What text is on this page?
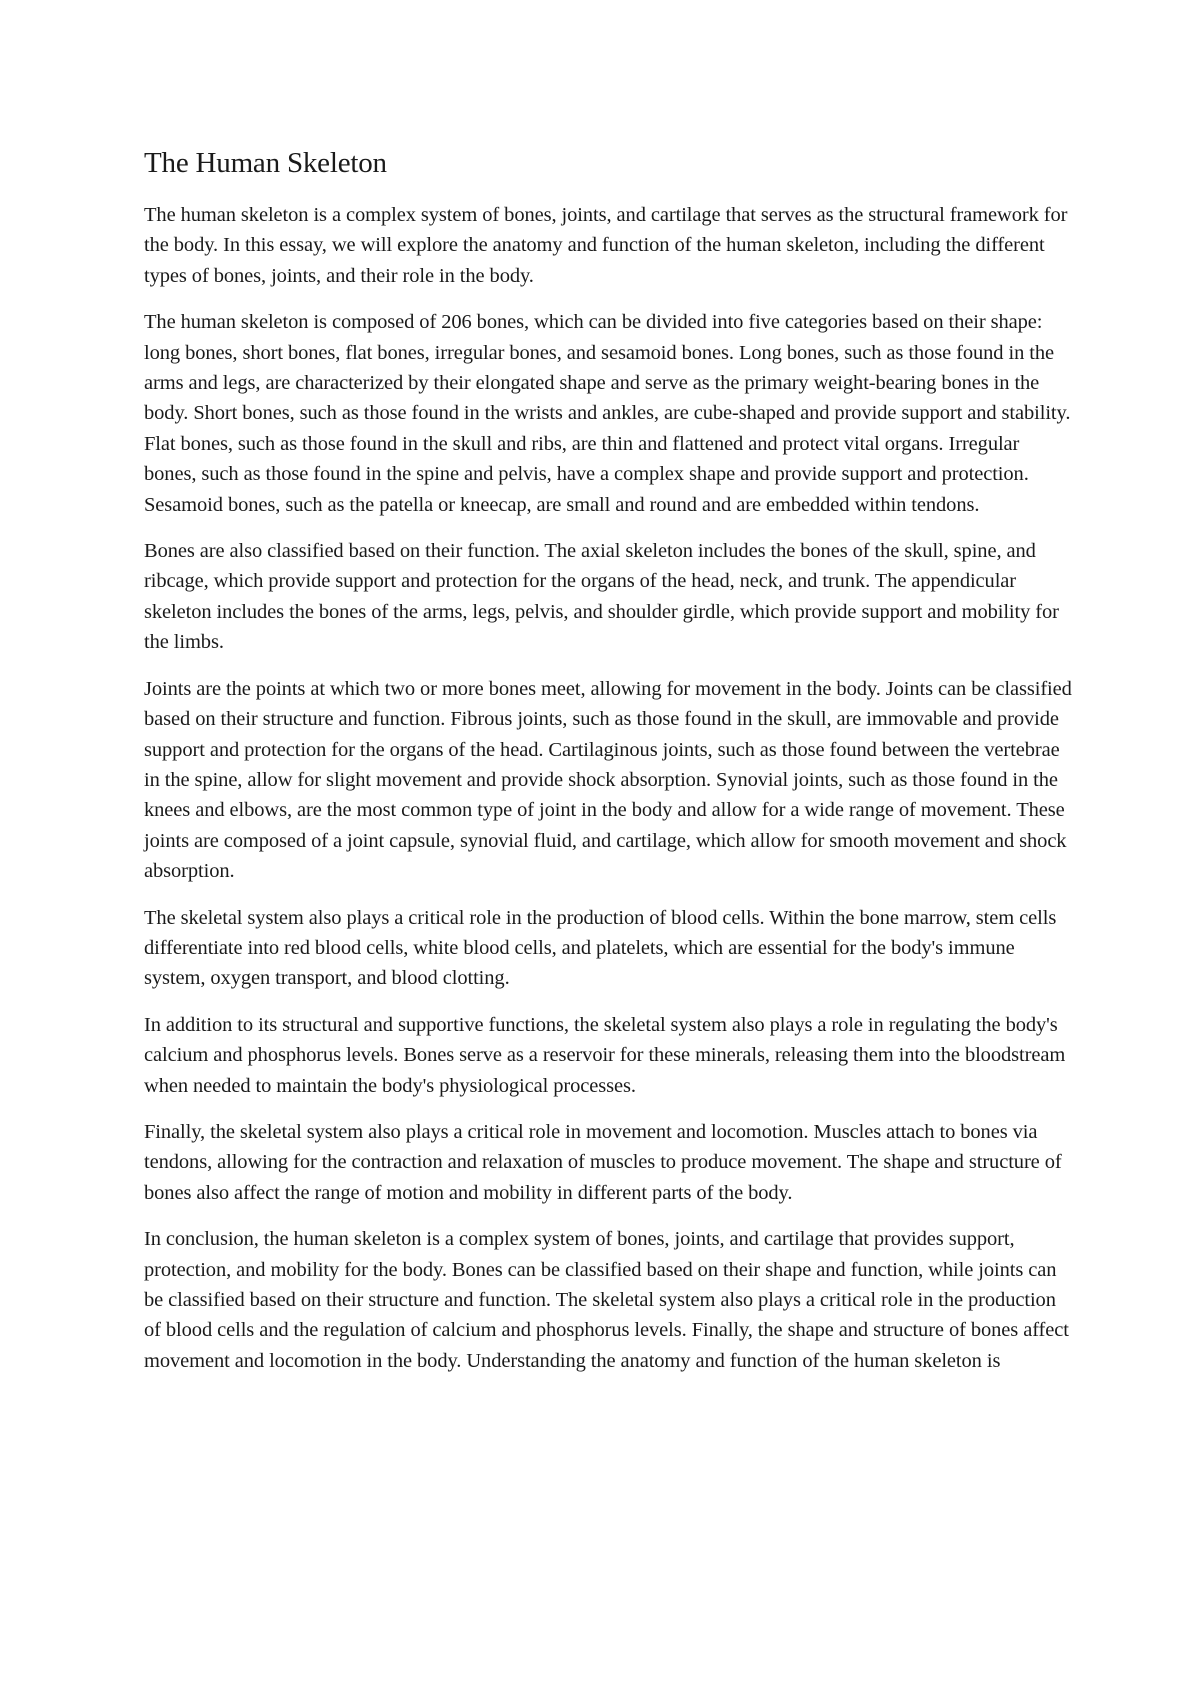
The Human Skeleton

The human skeleton is a complex system of bones, joints, and cartilage that serves as the structural framework for the body. In this essay, we will explore the anatomy and function of the human skeleton, including the different types of bones, joints, and their role in the body.

The human skeleton is composed of 206 bones, which can be divided into five categories based on their shape: long bones, short bones, flat bones, irregular bones, and sesamoid bones. Long bones, such as those found in the arms and legs, are characterized by their elongated shape and serve as the primary weight-bearing bones in the body. Short bones, such as those found in the wrists and ankles, are cube-shaped and provide support and stability. Flat bones, such as those found in the skull and ribs, are thin and flattened and protect vital organs. Irregular bones, such as those found in the spine and pelvis, have a complex shape and provide support and protection. Sesamoid bones, such as the patella or kneecap, are small and round and are embedded within tendons.

Bones are also classified based on their function. The axial skeleton includes the bones of the skull, spine, and ribcage, which provide support and protection for the organs of the head, neck, and trunk. The appendicular skeleton includes the bones of the arms, legs, pelvis, and shoulder girdle, which provide support and mobility for the limbs.

Joints are the points at which two or more bones meet, allowing for movement in the body. Joints can be classified based on their structure and function. Fibrous joints, such as those found in the skull, are immovable and provide support and protection for the organs of the head. Cartilaginous joints, such as those found between the vertebrae in the spine, allow for slight movement and provide shock absorption. Synovial joints, such as those found in the knees and elbows, are the most common type of joint in the body and allow for a wide range of movement. These joints are composed of a joint capsule, synovial fluid, and cartilage, which allow for smooth movement and shock absorption.

The skeletal system also plays a critical role in the production of blood cells. Within the bone marrow, stem cells differentiate into red blood cells, white blood cells, and platelets, which are essential for the body's immune system, oxygen transport, and blood clotting.

In addition to its structural and supportive functions, the skeletal system also plays a role in regulating the body's calcium and phosphorus levels. Bones serve as a reservoir for these minerals, releasing them into the bloodstream when needed to maintain the body's physiological processes.

Finally, the skeletal system also plays a critical role in movement and locomotion. Muscles attach to bones via tendons, allowing for the contraction and relaxation of muscles to produce movement. The shape and structure of bones also affect the range of motion and mobility in different parts of the body.

In conclusion, the human skeleton is a complex system of bones, joints, and cartilage that provides support, protection, and mobility for the body. Bones can be classified based on their shape and function, while joints can be classified based on their structure and function. The skeletal system also plays a critical role in the production of blood cells and the regulation of calcium and phosphorus levels. Finally, the shape and structure of bones affect movement and locomotion in the body. Understanding the anatomy and function of the human skeleton is
